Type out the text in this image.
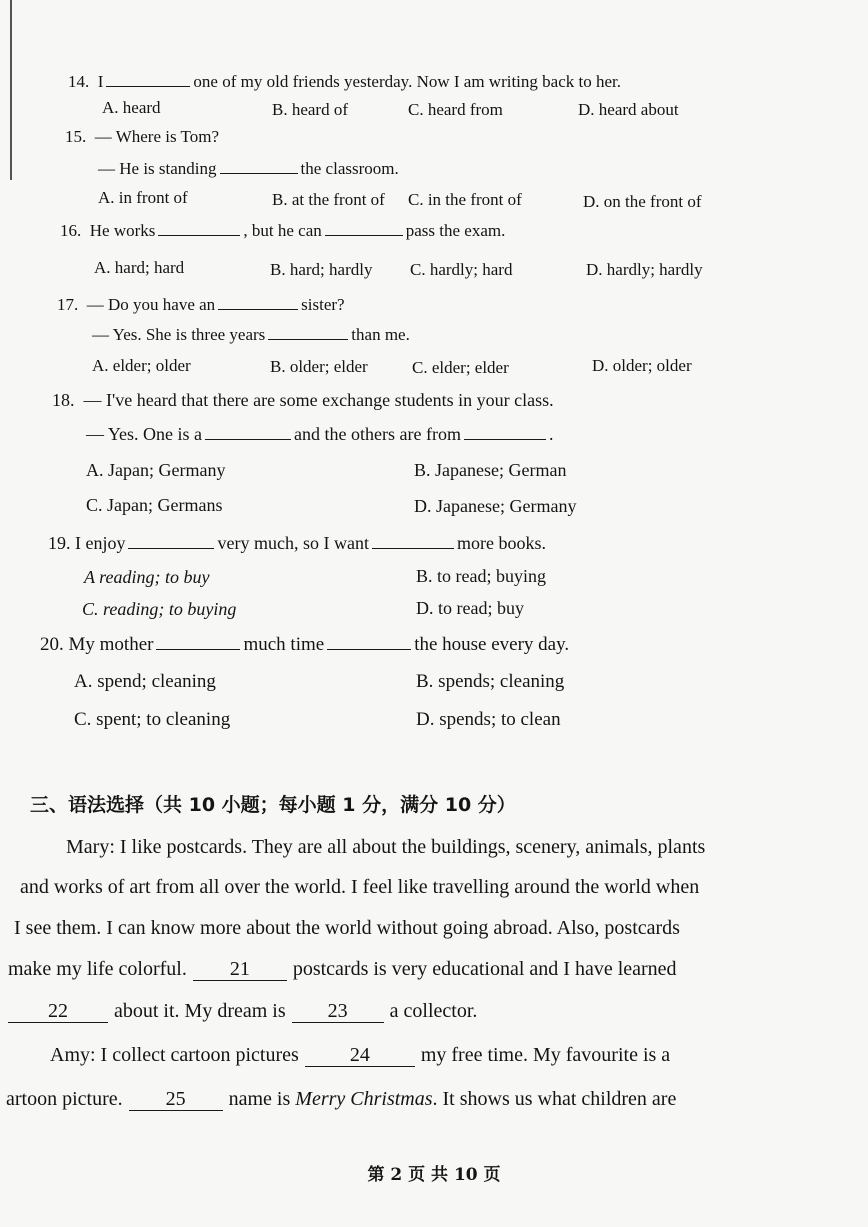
14. I	one of my old friends yesterday. Now I am writing back to her.
A. heard	B. heard of	C. heard from	D. heard about
15. — Where is Tom?
— He is standing	the classroom.
A. in front of	B. at the front of C. in the front of	D. on the front of
16. He works	, but he can	pass the exam.
A. hard; hard	B. hard; hardly C. hardly; hard	D. hardly; hardly
17. — Do you have an	sister?
— Yes. She is three years	than me.
A. elder; older	B. older; elder	C. elder; elder	D. older; older
18. — I've heard that there are some exchange students in your class.
— Yes. One is a	and the others are from	.
A. Japan; Germany	B. Japanese; German
C. Japan; Germans	D. Japanese; Germany
19. I enjoy	very much, so I want	more books.
A reading; to buy	B. to read; buying
C. reading; to buying	D. to read; buy
20. My mother	much time	the house every day.
A. spend; cleaning	B. spends; cleaning
C. spent; to cleaning	D. spends; to clean
三、语法选择（共 10 小题；每小题 1 分，满分 10 分）
Mary: I like postcards. They are all about the buildings, scenery, animals, plants
and works of art from all over the world. I feel like travelling around the world when
I see them. I can know more about the world without going abroad. Also, postcards
make my life colorful. 21 postcards is very educational and I have learned
22 about it. My dream is 23 a collector.
Amy: I collect cartoon pictures	24	my free time. My favourite is a
artoon picture. 25 name is Merry Christmas. It shows us what children are
第 2 页 共 10 页
